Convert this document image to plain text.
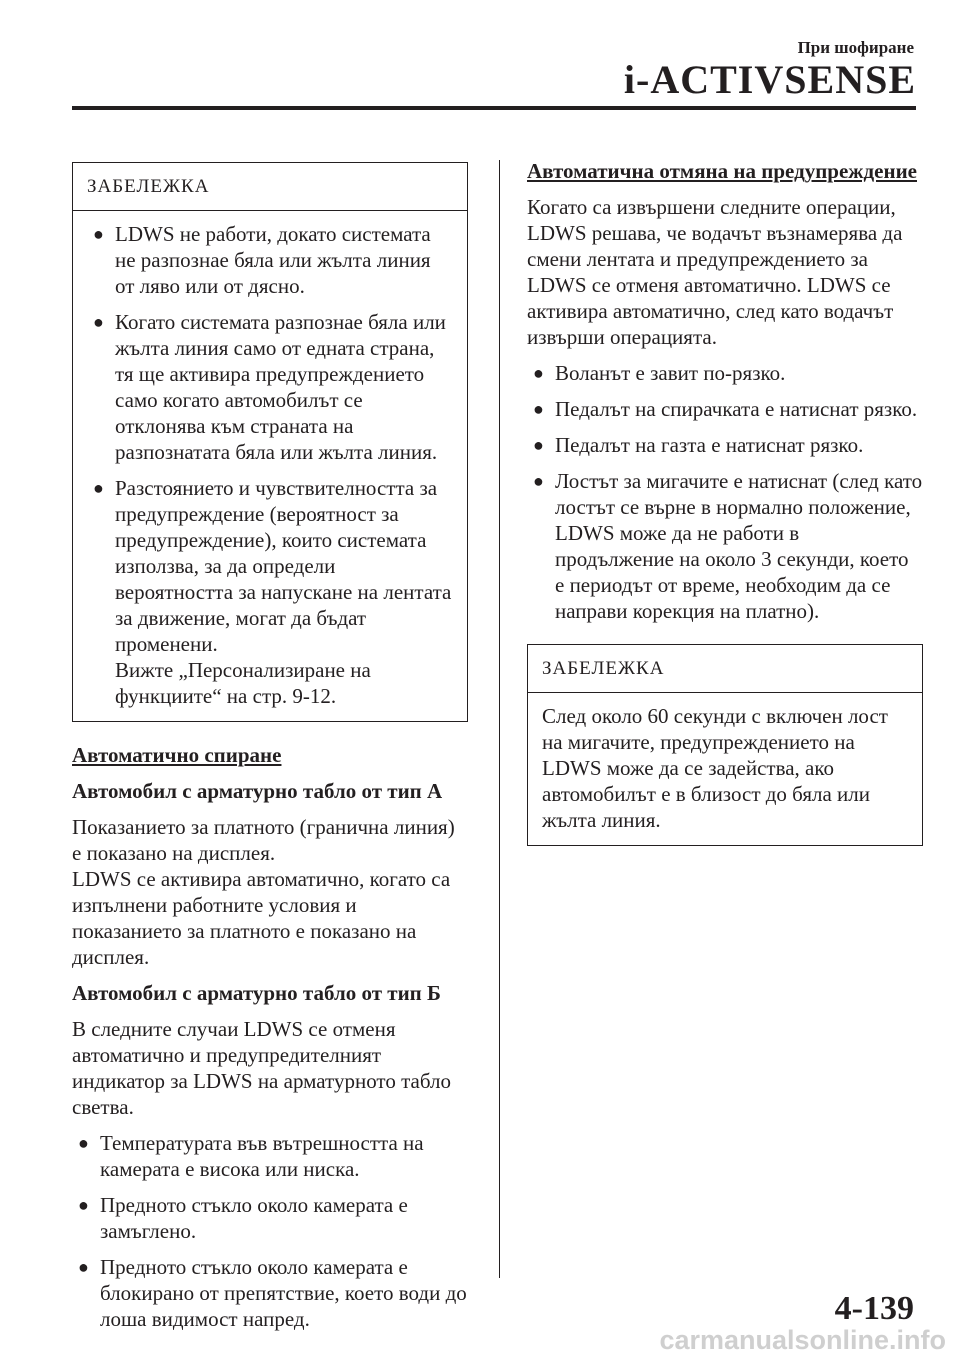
При шофиране
i-ACTIVSENSE
ЗАБЕЛЕЖКА
● LDWS не работи, докато системата не разпознае бяла или жълта линия от ляво или от дясно.
● Когато системата разпознае бяла или жълта линия само от едната страна, тя ще активира предупреждението само когато автомобилът се отклонява към страната на разпознатата бяла или жълта линия.
● Разстоянието и чувствителността за предупреждение (вероятност за предупреждение), които системата използва, за да определи вероятността за напускане на лентата за движение, могат да бъдат променени.
Вижте „Персонализиране на функциите“ на стр. 9-12.
Автоматично спиране
Автомобил с арматурно табло от тип A

Показанието за платното (гранична линия) е показано на дисплея.

LDWS се активира автоматично, когато са изпълнени работните условия и показанието за платното е показано на дисплея.

Автомобил с арматурно табло от тип Б

В следните случаи LDWS се отменя автоматично и предупредителният индикатор за LDWS на арматурното табло светва.

● Температурата във вътрешността на камерата е висока или ниска.
● Предното стъкло около камерата е замъглено.
● Предното стъкло около камерата е блокирано от препятствие, което води до лоша видимост напред.
Автоматична отмяна на предупреждение

Когато са извършени следните операции, LDWS решава, че водачът възнамерява да смени лентата и предупреждението за LDWS се отменя автоматично. LDWS се активира автоматично, след като водачът извърши операцията.

● Воланът е завит по-рязко.
● Педалът на спирачката е натиснат рязко.
● Педалът на газта е натиснат рязко.
● Лостът за мигачите е натиснат (след като лостът се върне в нормално положение, LDWS може да не работи в продължение на около 3 секунди, което е периодът от време, необходим да се направи корекция на платно).
ЗАБЕЛЕЖКА

След около 60 секунди с включен лост на мигачите, предупреждението на LDWS може да се задейства, ако автомобилът е в близост до бяла или жълта линия.

4-139
carmanualsonline.info
